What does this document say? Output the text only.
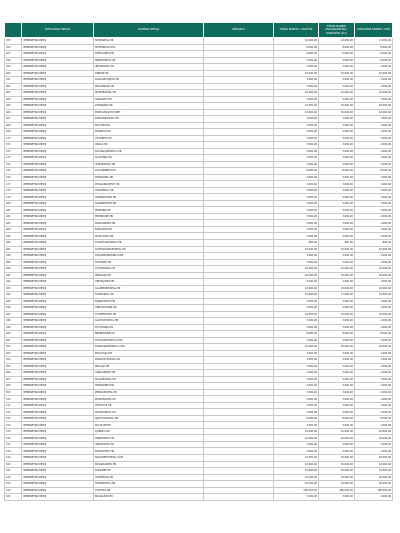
	KATEGORIJA MEDIJA	DOMENA MEDIJA	MEDIJSKA	FIKSNI BANERI / STATIČNI	FIKSNI BANERI PROGRAMATSKI / DINAMIČNI (km)	DINAMIČNI BANERI / CPM
455	INTERNETSKI MEDIJ	SITEPORTAL.HR		10.000,00	10.000,00	11.000,00
456	INTERNETSKI MEDIJ	SITEPORTAL2.HR		8.000,00	8.000,00	8.000,00
457	INTERNETSKI MEDIJ	PORTALINFO.HR		6.000,00	6.000,00	6.000,00
458	INTERNETSKI MEDIJ	NEWSPORTAL.HR		5.000,00	5.000,00	6.000,00
459	INTERNETSKI MEDIJ	INFOPORTAL.HR		3.000,00	3.000,00	1.000,00
460	INTERNETSKI MEDIJ	DNEVNI.HR		10.000,00	10.000,00	10.000,00
461	INTERNETSKI MEDIJ	LOKALNE-VIJESTI.HR		3.000,00	3.000,00	1.000,00
462	INTERNETSKI MEDIJ	REGIONALNI.HR		3.000,00	3.000,00	1.000,00
463	INTERNETSKI MEDIJ	SPORTPORTAL.HR		10.000,00	10.000,00	10.000,00
464	INTERNETSKI MEDIJ	GRADINFO.HR		3.000,00	3.000,00	1.000,00
465	INTERNETSKI MEDIJ	ZUPANIJSKI.HR		10.000,00	10.000,00	10.000,00
466	INTERNETSKI MEDIJ	PORTALNOVOSTI.NET		10.000,00	10.000,00	10.000,00
467	INTERNETSKI MEDIJ	ZABAVNIPORTAL.HR		3.000,00	3.000,00	1.000,00
468	INTERNETSKI MEDIJ	KULTURA.HR		3.000,00	3.000,00	1.000,00
469	INTERNETSKI MEDIJ	MOJGRAD.HR		3.000,00	3.000,00	1.000,00
470	INTERNETSKI MEDIJ	OTOKINFO.HR		3.000,00	3.000,00	1.000,00
471	INTERNETSKI MEDIJ	OBALA.HR		3.000,00	3.000,00	1.000,00
472	INTERNETSKI MEDIJ	DALMACIJAPORTAL.HR		3.000,00	3.000,00	1.000,00
473	INTERNETSKI MEDIJ	SLAVONIJA.HR		3.000,00	3.000,00	1.000,00
474	INTERNETSKI MEDIJ	ISTRAPORTAL.HR		3.000,00	3.000,00	1.000,00
475	INTERNETSKI MEDIJ	ZAGORJEINFO.HR		8.000,00	8.000,00	8.000,00
476	INTERNETSKI MEDIJ	PODRAVINA.HR		3.000,00	3.000,00	1.000,00
477	INTERNETSKI MEDIJ	POSAVINAVIJESTI.HR		3.000,00	3.000,00	1.000,00
478	INTERNETSKI MEDIJ	LIKAPORTAL.HR		3.000,00	3.000,00	1.000,00
479	INTERNETSKI MEDIJ	GORSKIKOTAR.HR		3.000,00	3.000,00	1.000,00
480	INTERNETSKI MEDIJ	KVARNERINFO.HR		3.000,00	3.000,00	1.000,00
481	INTERNETSKI MEDIJ	PRIMORJE.HR		3.000,00	3.000,00	1.000,00
482	INTERNETSKI MEDIJ	MEDIMURJE.HR		3.000,00	3.000,00	1.000,00
483	INTERNETSKI MEDIJ	KORDUNINFO.HR		3.000,00	3.000,00	1.000,00
484	INTERNETSKI MEDIJ	BANOVINA.HR		3.000,00	3.000,00	1.000,00
485	INTERNETSKI MEDIJ	MOSLAVINA.HR		3.000,00	3.000,00	1.000,00
486	INTERNETSKI MEDIJ	TURISTICKIPORTAL.HR		800,00	800,00	800,00
487	INTERNETSKI MEDIJ	GOSPODARSKIPORTAL.HR		10.000,00	10.000,00	10.000,00
488	INTERNETSKI MEDIJ	POLJOPRIVREDNIK.COM		3.000,00	3.000,00	1.000,00
489	INTERNETSKI MEDIJ	TECHINFO.HR		3.000,00	3.000,00	1.000,00
490	INTERNETSKI MEDIJ	AUTOPORTAL.HR		10.000,00	10.000,00	10.000,00
491	INTERNETSKI MEDIJ	ZDRAVLJE.HR		10.000,00	10.000,00	10.000,00
492	INTERNETSKI MEDIJ	OBITELJINFO.HR		3.000,00	3.000,00	1.000,00
493	INTERNETSKI MEDIJ	GLAZBENIPORTAL.HR		10.000,00	10.000,00	10.000,00
494	INTERNETSKI MEDIJ	FILMPORTAL.HR		10.000,00	17.000,00	10.000,00
495	INTERNETSKI MEDIJ	KNJIZEVNOST.HR		3.000,00	3.000,00	1.000,00
496	INTERNETSKI MEDIJ	OBRAZOVANJE.HR		3.000,00	3.000,00	1.000,00
497	INTERNETSKI MEDIJ	STUDENTINFO.HR		10.000,00	10.000,00	10.000,00
498	INTERNETSKI MEDIJ	GASTROPORTAL.HR		3.000,00	3.000,00	1.000,00
499	INTERNETSKI MEDIJ	PUTOVANJA.HR		3.000,00	3.000,00	1.000,00
500	INTERNETSKI MEDIJ	NEKRETNINE.HR		8.000,00	8.000,00	8.000,00
501	INTERNETSKI MEDIJ	POSLOVNIPORTAL.COM		3.000,00	3.000,00	1.000,00
502	INTERNETSKI MEDIJ	FINANCIJSKIPORTAL.COM		10.000,00	10.000,00	10.000,00
503	INTERNETSKI MEDIJ	EKOLOGIJA.HR		3.000,00	3.000,00	1.000,00
504	INTERNETSKI MEDIJ	ZNANOSTPORTAL.HR		3.000,00	3.000,00	1.000,00
505	INTERNETSKI MEDIJ	RELIGIJA.HR		3.000,00	3.000,00	1.000,00
506	INTERNETSKI MEDIJ	UDRUGEINFO.HR		3.000,00	3.000,00	1.000,00
507	INTERNETSKI MEDIJ	MLADIPORTAL.HR		3.000,00	3.000,00	1.000,00
508	INTERNETSKI MEDIJ	SENIORINFO.HR		3.000,00	3.000,00	1.000,00
509	INTERNETSKI MEDIJ	ZENSKIPORTAL.HR		3.000,00	3.000,00	1.000,00
510	INTERNETSKI MEDIJ	MUSKIPORTAL.HR		3.000,00	3.000,00	1.000,00
511	INTERNETSKI MEDIJ	LIFESTYLE.HR		3.000,00	3.000,00	1.000,00
512	INTERNETSKI MEDIJ	MODAPORTAL.HR		3.000,00	3.000,00	1.000,00
513	INTERNETSKI MEDIJ	LJEPOTAPORTAL.HR		8.000,00	8.000,00	8.000,00
514	INTERNETSKI MEDIJ	KUCAIVRT.HR		3.000,00	3.000,00	1.000,00
515	INTERNETSKI MEDIJ	LJUBIMCI.HR		10.000,00	10.000,00	10.000,00
516	INTERNETSKI MEDIJ	HOBIPORTAL.HR		10.000,00	10.000,00	10.000,00
517	INTERNETSKI MEDIJ	IGREPORTAL.HR		3.000,00	3.000,00	1.000,00
518	INTERNETSKI MEDIJ	ESPORTINFO.HR		3.000,00	3.000,00	1.000,00
519	INTERNETSKI MEDIJ	NOGOMETPORTAL.COM		10.000,00	10.000,00	10.000,00
520	INTERNETSKI MEDIJ	KOSARKAINFO.HR		10.000,00	10.000,00	10.000,00
521	INTERNETSKI MEDIJ	RUKOMET.HR		10.000,00	10.000,00	10.000,00
522	INTERNETSKI MEDIJ	VATERPOLO.HR		10.000,00	10.000,00	10.000,00
523	INTERNETSKI MEDIJ	TENISPORTAL.HR		10.000,00	10.000,00	10.000,00
524	INTERNETSKI MEDIJ	ATLETIKA.HR		180.000,00	180.000,00	180.000,00
525	INTERNETSKI MEDIJ	BICIKLIZAM.HR		3.000,00	3.000,00	1.000,00
